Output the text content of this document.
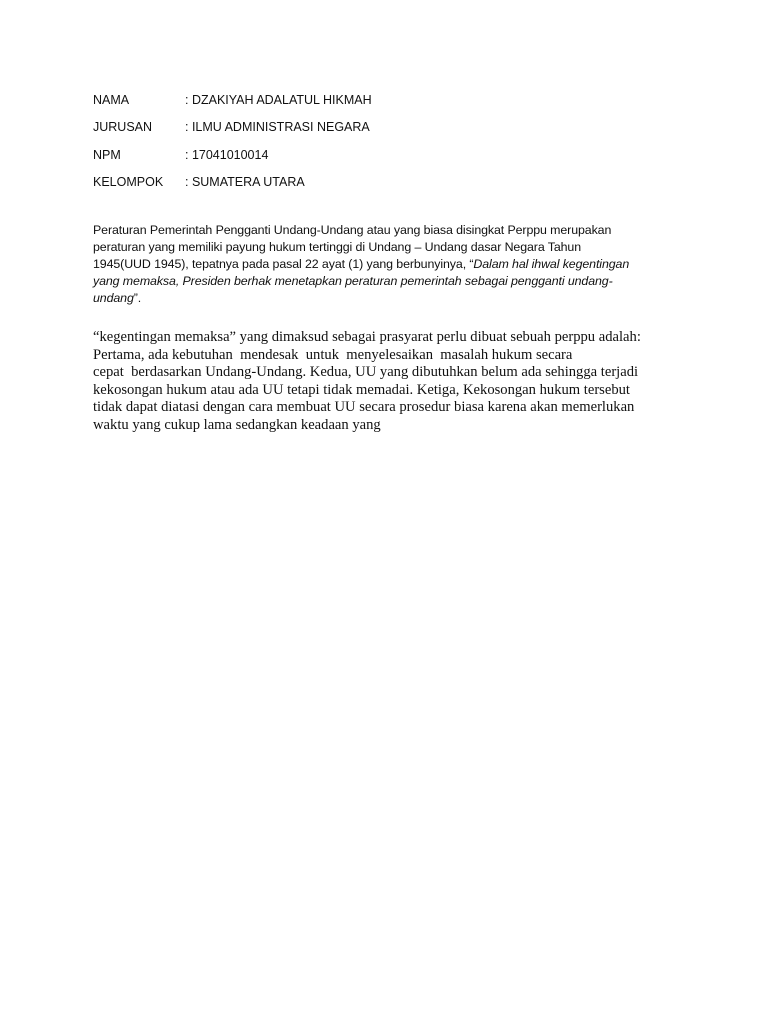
NAMA	: DZAKIYAH ADALATUL HIKMAH
JURUSAN	: ILMU ADMINISTRASI NEGARA
NPM	: 17041010014
KELOMPOK	: SUMATERA UTARA
Peraturan Pemerintah Pengganti Undang-Undang atau yang biasa disingkat Perppu merupakan
peraturan yang memiliki payung hukum tertinggi di Undang – Undang dasar Negara Tahun
1945(UUD 1945), tepatnya pada pasal 22 ayat (1) yang berbunyinya, “Dalam hal ihwal kegentingan
yang memaksa, Presiden berhak menetapkan peraturan pemerintah sebagai pengganti undang-
undang”.
“kegentingan memaksa” yang dimaksud sebagai prasyarat perlu dibuat sebuah perppu adalah:
Pertama, ada kebutuhan  mendesak  untuk  menyelesaikan  masalah hukum secara
cepat  berdasarkan Undang-Undang. Kedua, UU yang dibutuhkan belum ada sehingga terjadi
kekosongan hukum atau ada UU tetapi tidak memadai. Ketiga, Kekosongan hukum tersebut
tidak dapat diatasi dengan cara membuat UU secara prosedur biasa karena akan memerlukan
waktu yang cukup lama sedangkan keadaan yang
